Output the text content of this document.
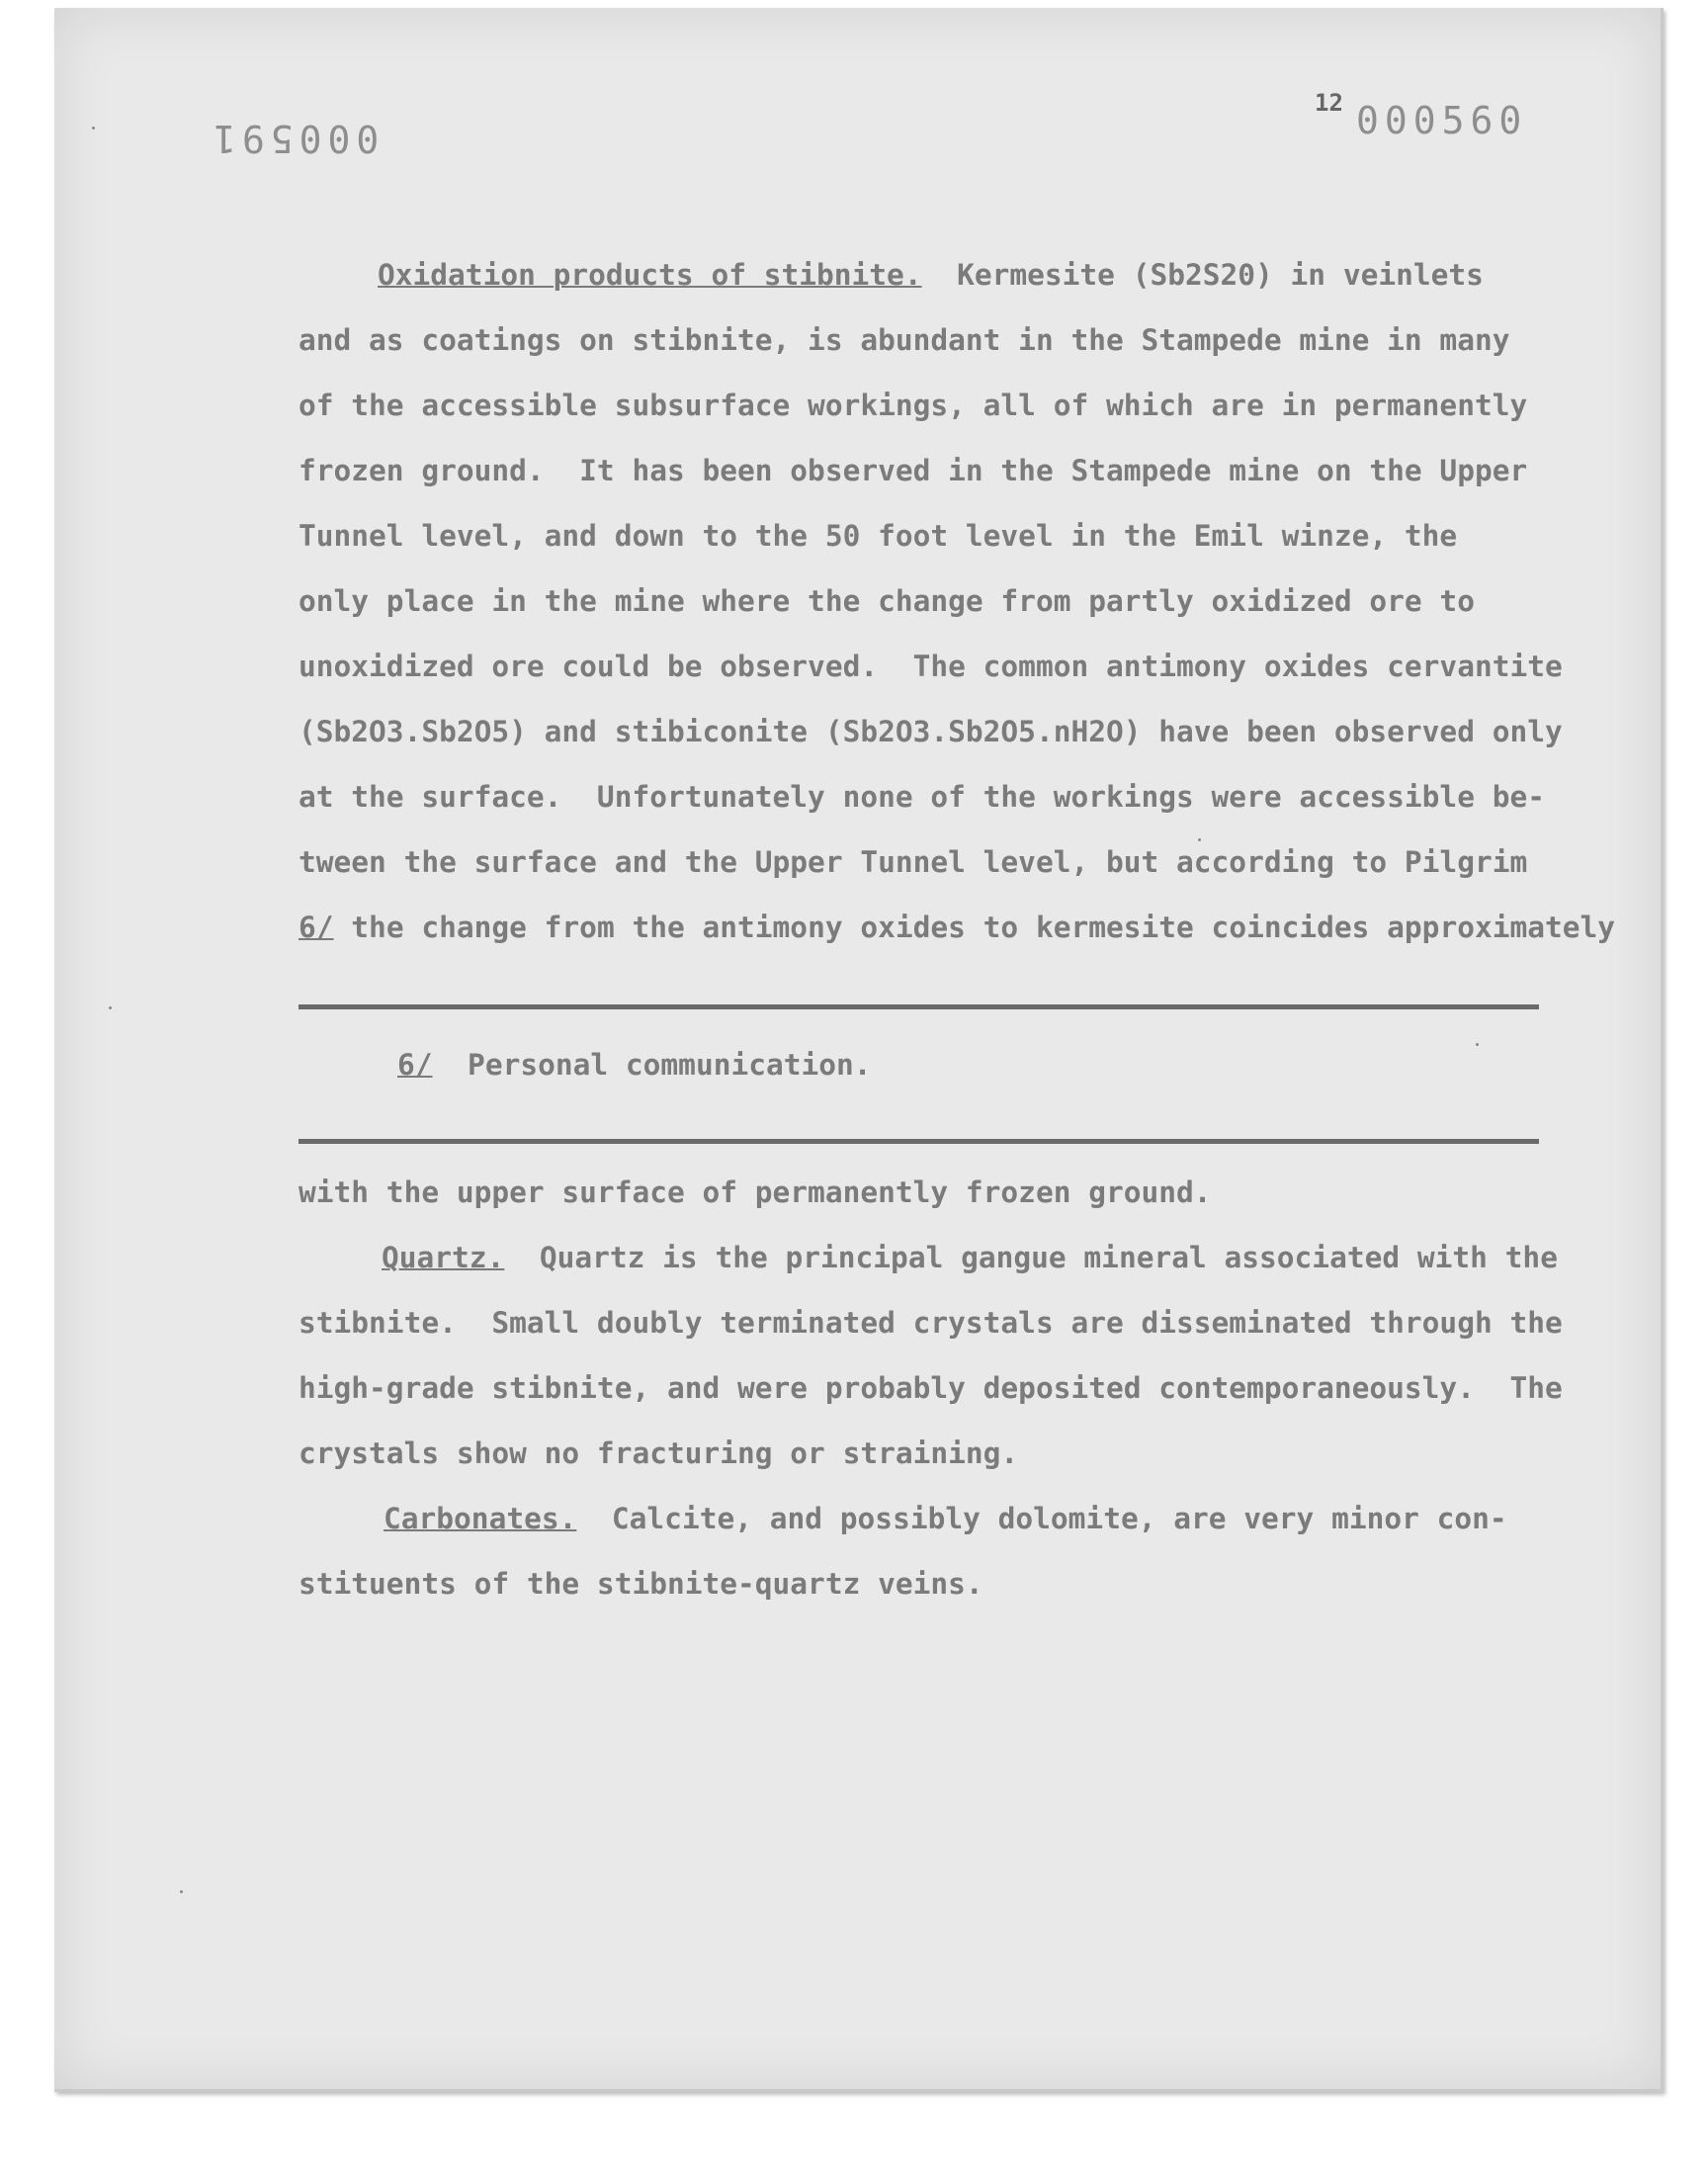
000591
12 000560
Oxidation products of stibnite.  Kermesite (Sb2S20) in veinlets
and as coatings on stibnite, is abundant in the Stampede mine in many
of the accessible subsurface workings, all of which are in permanently
frozen ground.  It has been observed in the Stampede mine on the Upper
Tunnel level, and down to the 50 foot level in the Emil winze, the
only place in the mine where the change from partly oxidized ore to
unoxidized ore could be observed.  The common antimony oxides cervantite
(Sb2O3.Sb2O5) and stibiconite (Sb2O3.Sb2O5.nH2O) have been observed only
at the surface.  Unfortunately none of the workings were accessible be-
tween the surface and the Upper Tunnel level, but according to Pilgrim
6/ the change from the antimony oxides to kermesite coincides approximately
6/  Personal communication.
with the upper surface of permanently frozen ground.
Quartz.  Quartz is the principal gangue mineral associated with the
stibnite.  Small doubly terminated crystals are disseminated through the
high-grade stibnite, and were probably deposited contemporaneously.  The
crystals show no fracturing or straining.
Carbonates.  Calcite, and possibly dolomite, are very minor con-
stituents of the stibnite-quartz veins.
